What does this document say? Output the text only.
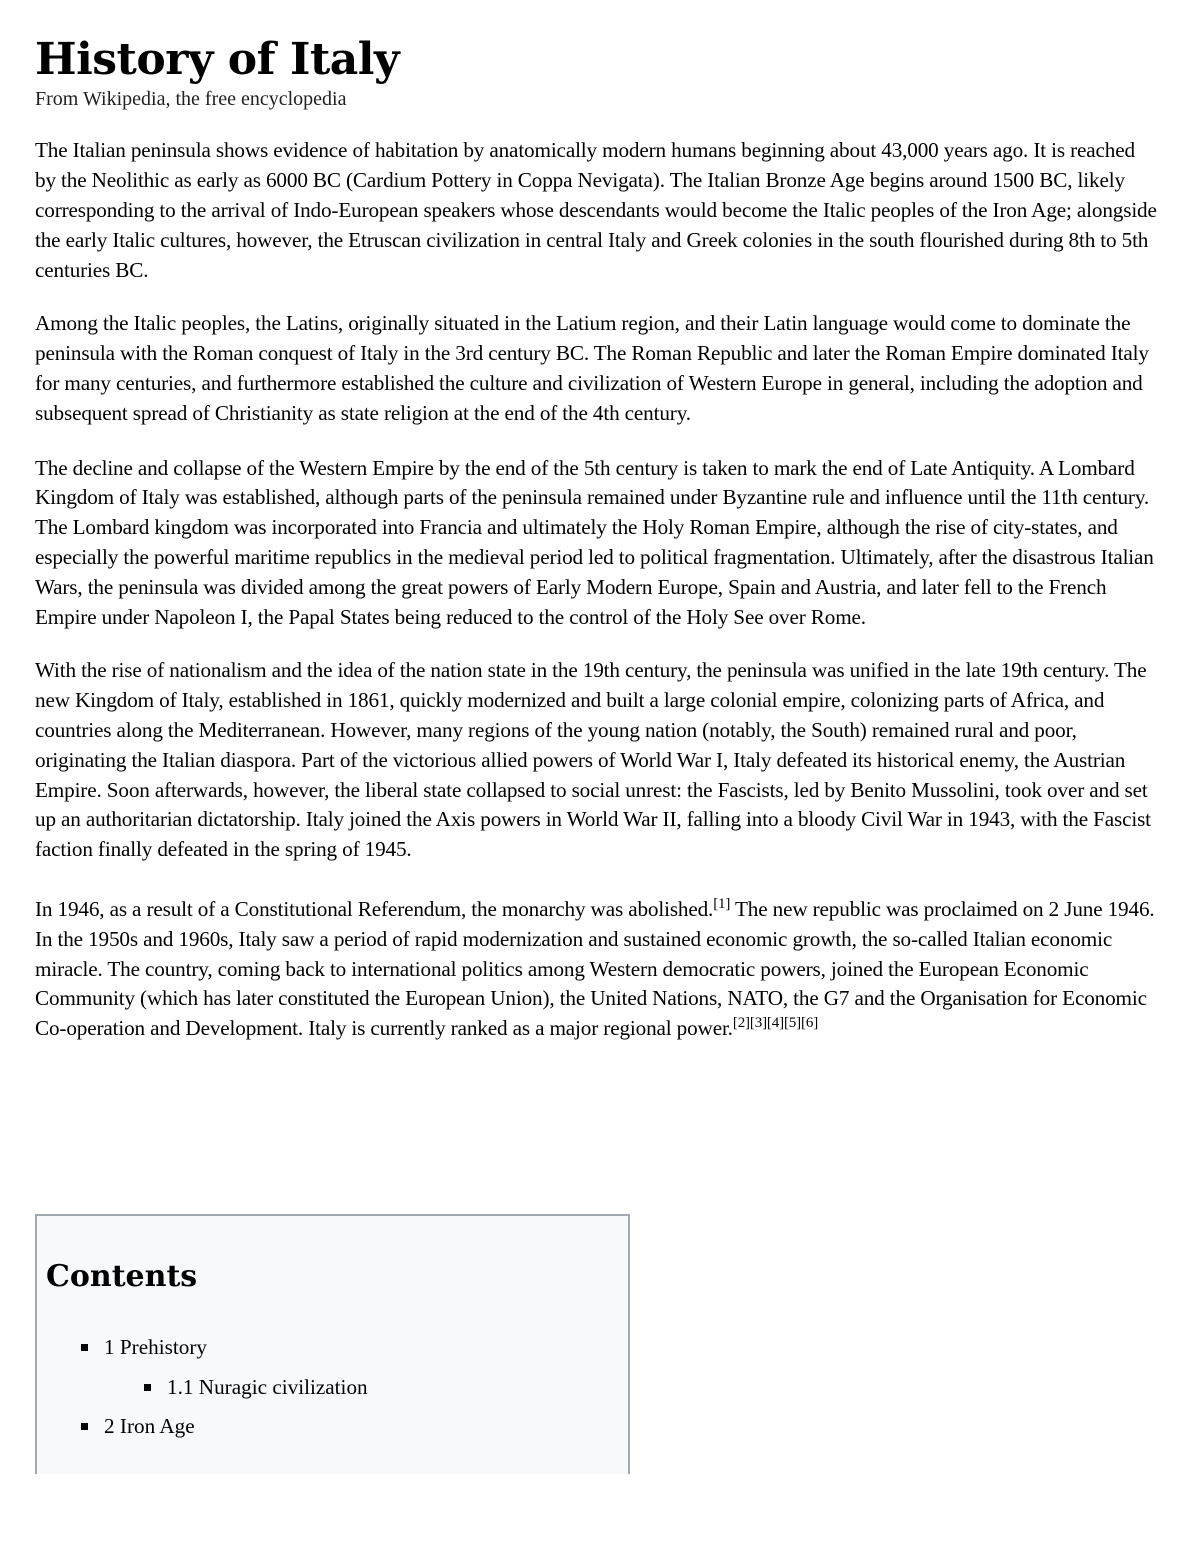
History of Italy
From Wikipedia, the free encyclopedia

The Italian peninsula shows evidence of habitation by anatomically modern humans beginning about 43,000 years ago. It is reached by the Neolithic as early as 6000 BC (Cardium Pottery in Coppa Nevigata). The Italian Bronze Age begins around 1500 BC, likely corresponding to the arrival of Indo-European speakers whose descendants would become the Italic peoples of the Iron Age; alongside the early Italic cultures, however, the Etruscan civilization in central Italy and Greek colonies in the south flourished during 8th to 5th centuries BC.

Among the Italic peoples, the Latins, originally situated in the Latium region, and their Latin language would come to dominate the peninsula with the Roman conquest of Italy in the 3rd century BC. The Roman Republic and later the Roman Empire dominated Italy for many centuries, and furthermore established the culture and civilization of Western Europe in general, including the adoption and subsequent spread of Christianity as state religion at the end of the 4th century.

The decline and collapse of the Western Empire by the end of the 5th century is taken to mark the end of Late Antiquity. A Lombard Kingdom of Italy was established, although parts of the peninsula remained under Byzantine rule and influence until the 11th century. The Lombard kingdom was incorporated into Francia and ultimately the Holy Roman Empire, although the rise of city-states, and especially the powerful maritime republics in the medieval period led to political fragmentation. Ultimately, after the disastrous Italian Wars, the peninsula was divided among the great powers of Early Modern Europe, Spain and Austria, and later fell to the French Empire under Napoleon I, the Papal States being reduced to the control of the Holy See over Rome.

With the rise of nationalism and the idea of the nation state in the 19th century, the peninsula was unified in the late 19th century. The new Kingdom of Italy, established in 1861, quickly modernized and built a large colonial empire, colonizing parts of Africa, and countries along the Mediterranean. However, many regions of the young nation (notably, the South) remained rural and poor, originating the Italian diaspora. Part of the victorious allied powers of World War I, Italy defeated its historical enemy, the Austrian Empire. Soon afterwards, however, the liberal state collapsed to social unrest: the Fascists, led by Benito Mussolini, took over and set up an authoritarian dictatorship. Italy joined the Axis powers in World War II, falling into a bloody Civil War in 1943, with the Fascist faction finally defeated in the spring of 1945.

In 1946, as a result of a Constitutional Referendum, the monarchy was abolished.[1] The new republic was proclaimed on 2 June 1946. In the 1950s and 1960s, Italy saw a period of rapid modernization and sustained economic growth, the so-called Italian economic miracle. The country, coming back to international politics among Western democratic powers, joined the European Economic Community (which has later constituted the European Union), the United Nations, NATO, the G7 and the Organisation for Economic Co-operation and Development. Italy is currently ranked as a major regional power.[2][3][4][5][6]

Contents
1 Prehistory
1.1 Nuragic civilization
2 Iron Age
